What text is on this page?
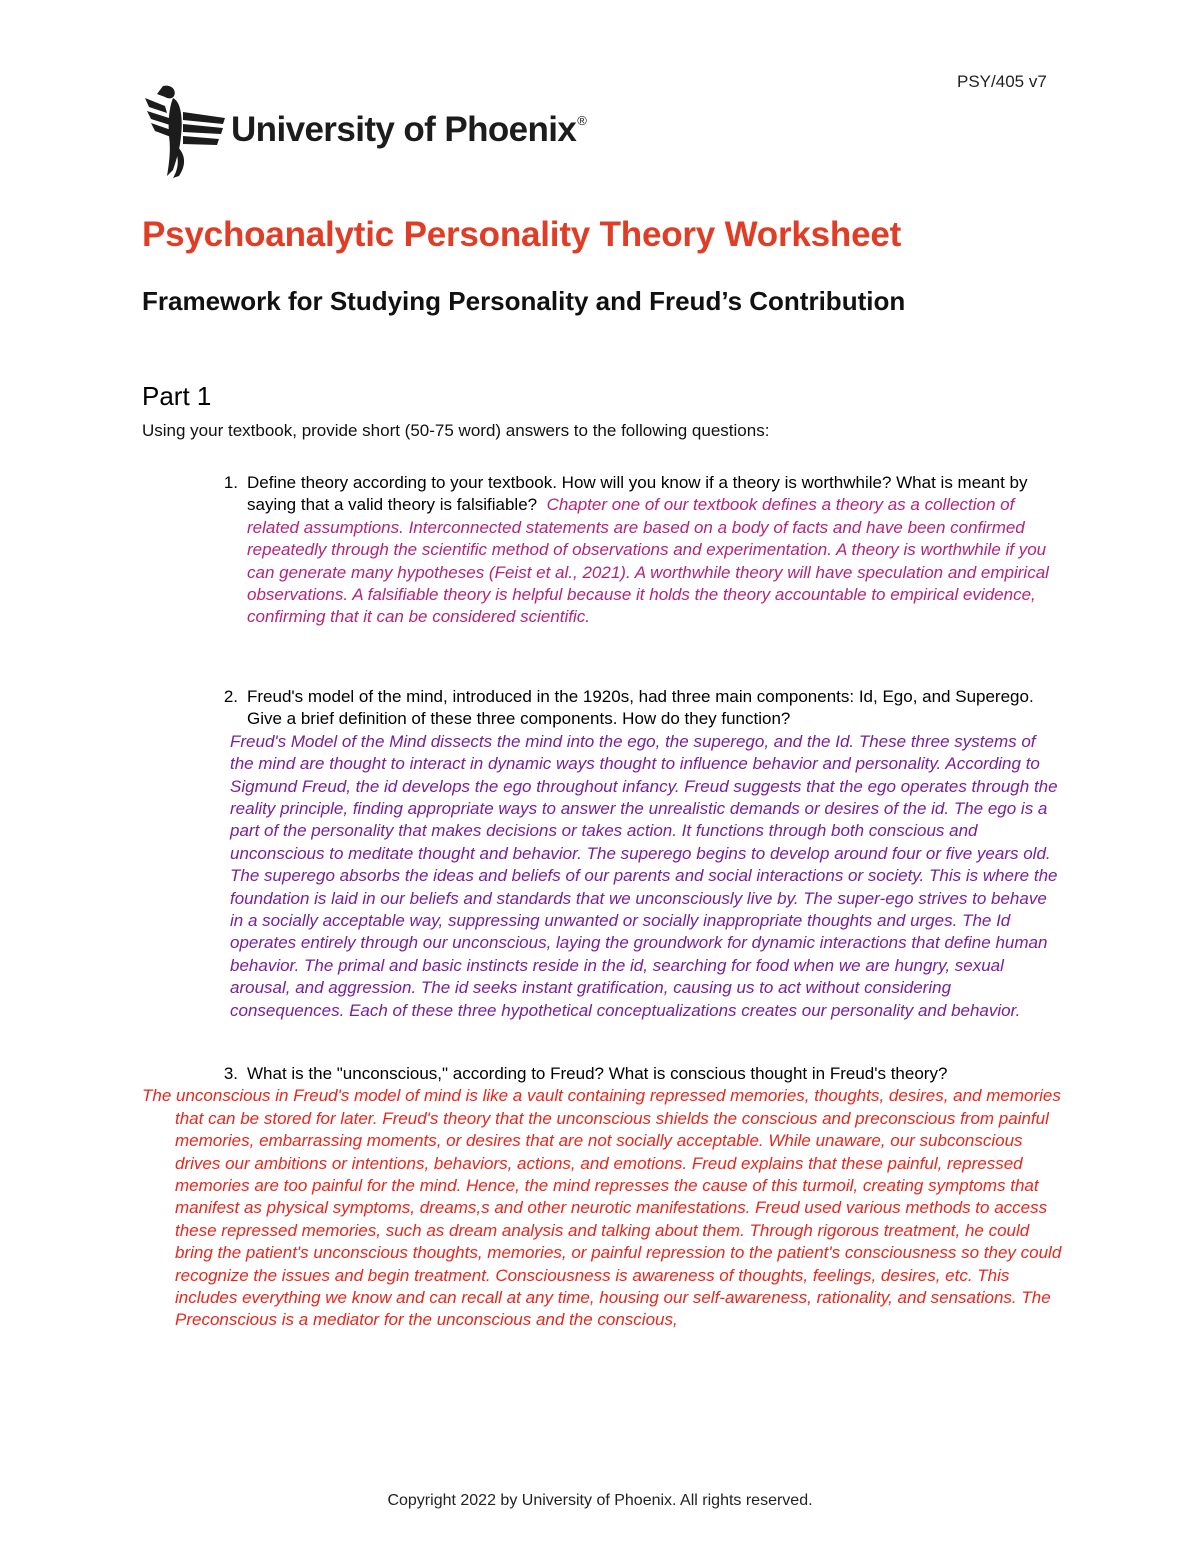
PSY/405 v7
University of Phoenix®
Psychoanalytic Personality Theory Worksheet
Framework for Studying Personality and Freud’s Contribution
Part 1
Using your textbook, provide short (50-75 word) answers to the following questions:
1. Define theory according to your textbook. How will you know if a theory is worthwhile? What is meant by saying that a valid theory is falsifiable? Chapter one of our textbook defines a theory as a collection of related assumptions. Interconnected statements are based on a body of facts and have been confirmed repeatedly through the scientific method of observations and experimentation. A theory is worthwhile if you can generate many hypotheses (Feist et al., 2021). A worthwhile theory will have speculation and empirical observations. A falsifiable theory is helpful because it holds the theory accountable to empirical evidence, confirming that it can be considered scientific.
2. Freud's model of the mind, introduced in the 1920s, had three main components: Id, Ego, and Superego. Give a brief definition of these three components. How do they function?
Freud's Model of the Mind dissects the mind into the ego, the superego, and the Id. These three systems of the mind are thought to interact in dynamic ways thought to influence behavior and personality. According to Sigmund Freud, the id develops the ego throughout infancy. Freud suggests that the ego operates through the reality principle, finding appropriate ways to answer the unrealistic demands or desires of the id. The ego is a part of the personality that makes decisions or takes action. It functions through both conscious and unconscious to meditate thought and behavior. The superego begins to develop around four or five years old. The superego absorbs the ideas and beliefs of our parents and social interactions or society. This is where the foundation is laid in our beliefs and standards that we unconsciously live by. The super-ego strives to behave in a socially acceptable way, suppressing unwanted or socially inappropriate thoughts and urges. The Id operates entirely through our unconscious, laying the groundwork for dynamic interactions that define human behavior. The primal and basic instincts reside in the id, searching for food when we are hungry, sexual arousal, and aggression. The id seeks instant gratification, causing us to act without considering consequences. Each of these three hypothetical conceptualizations creates our personality and behavior.
3. What is the "unconscious," according to Freud? What is conscious thought in Freud's theory?
The unconscious in Freud's model of mind is like a vault containing repressed memories, thoughts, desires, and memories that can be stored for later. Freud's theory that the unconscious shields the conscious and preconscious from painful memories, embarrassing moments, or desires that are not socially acceptable. While unaware, our subconscious drives our ambitions or intentions, behaviors, actions, and emotions. Freud explains that these painful, repressed memories are too painful for the mind. Hence, the mind represses the cause of this turmoil, creating symptoms that manifest as physical symptoms, dreams,s and other neurotic manifestations. Freud used various methods to access these repressed memories, such as dream analysis and talking about them. Through rigorous treatment, he could bring the patient's unconscious thoughts, memories, or painful repression to the patient's consciousness so they could recognize the issues and begin treatment. Consciousness is awareness of thoughts, feelings, desires, etc. This includes everything we know and can recall at any time, housing our self-awareness, rationality, and sensations. The Preconscious is a mediator for the unconscious and the conscious,
Copyright 2022 by University of Phoenix. All rights reserved.
